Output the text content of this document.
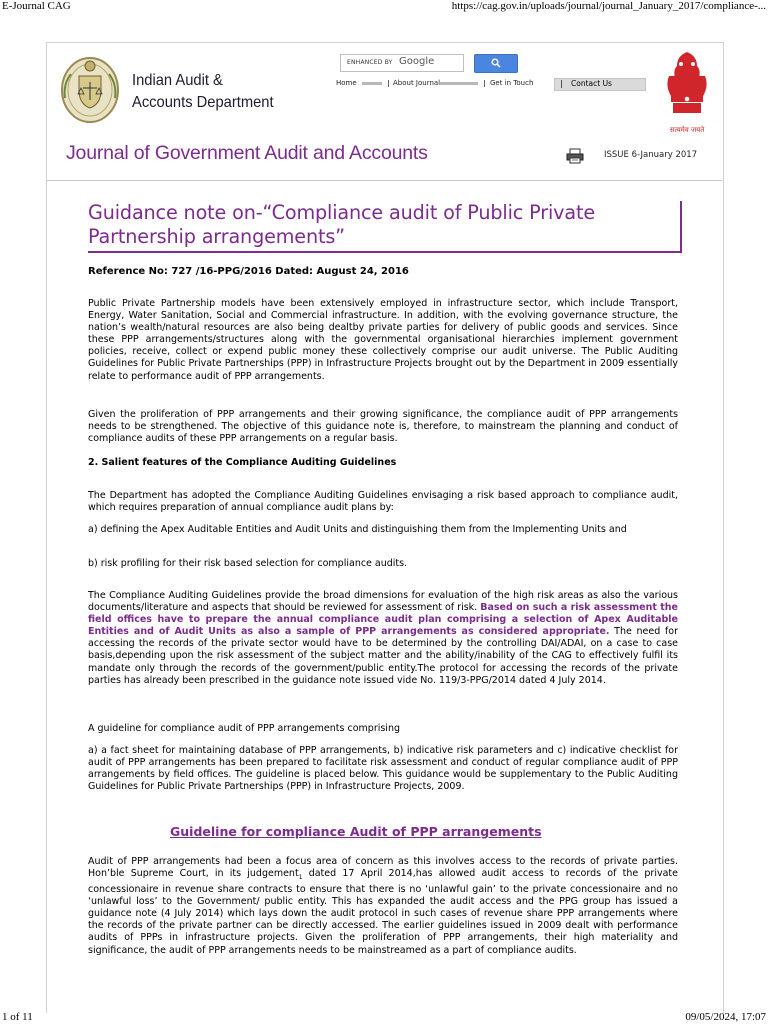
E-Journal CAG	https://cag.gov.in/uploads/journal/journal_January_2017/compliance-...
1 of 11	09/05/2024, 17:07
Indian Audit &
Accounts Department
Journal of Government Audit and Accounts
ENHANCED BY Google
Home	About Journal	Get in Touch	Contact Us
सत्यमेव जयते
ISSUE 6-January 2017
Guidance note on-“Compliance audit of Public Private
Partnership arrangements”
Reference No: 727 /16-PPG/2016 Dated: August 24, 2016
Public Private Partnership models have been extensively employed in infrastructure sector, which include Transport, Energy, Water Sanitation, Social and Commercial infrastructure. In addition, with the evolving governance structure, the nation’s wealth/natural resources are also being dealtby private parties for delivery of public goods and services. Since these PPP arrangements/structures along with the governmental organisational hierarchies implement government policies, receive, collect or expend public money these collectively comprise our audit universe. The Public Auditing Guidelines for Public Private Partnerships (PPP) in Infrastructure Projects brought out by the Department in 2009 essentially relate to performance audit of PPP arrangements.
Given the proliferation of PPP arrangements and their growing significance, the compliance audit of PPP arrangements needs to be strengthened. The objective of this guidance note is, therefore, to mainstream the planning and conduct of compliance audits of these PPP arrangements on a regular basis.
2. Salient features of the Compliance Auditing Guidelines
The Department has adopted the Compliance Auditing Guidelines envisaging a risk based approach to compliance audit, which requires preparation of annual compliance audit plans by:
a) defining the Apex Auditable Entities and Audit Units and distinguishing them from the Implementing Units and
b) risk profiling for their risk based selection for compliance audits.
The Compliance Auditing Guidelines provide the broad dimensions for evaluation of the high risk areas as also the various documents/literature and aspects that should be reviewed for assessment of risk. Based on such a risk assessment the field offices have to prepare the annual compliance audit plan comprising a selection of Apex Auditable Entities and of Audit Units as also a sample of PPP arrangements as considered appropriate. The need for accessing the records of the private sector would have to be determined by the controlling DAI/ADAI, on a case to case basis,depending upon the risk assessment of the subject matter and the ability/inability of the CAG to effectively fulfil its mandate only through the records of the government/public entity.The protocol for accessing the records of the private parties has already been prescribed in the guidance note issued vide No. 119/3-PPG/2014 dated 4 July 2014.
A guideline for compliance audit of PPP arrangements comprising
a) a fact sheet for maintaining database of PPP arrangements, b) indicative risk parameters and c) indicative checklist for audit of PPP arrangements has been prepared to facilitate risk assessment and conduct of regular compliance audit of PPP arrangements by field offices. The guideline is placed below. This guidance would be supplementary to the Public Auditing Guidelines for Public Private Partnerships (PPP) in Infrastructure Projects, 2009.
Guideline for compliance Audit of PPP arrangements
Audit of PPP arrangements had been a focus area of concern as this involves access to the records of private parties. Hon’ble Supreme Court, in its judgement$_1$ dated 17 April 2014,has allowed audit access to records of the private concessionaire in revenue share contracts to ensure that there is no ‘unlawful gain’ to the private concessionaire and no ‘unlawful loss’ to the Government/ public entity. This has expanded the audit access and the PPG group has issued a guidance note (4 July 2014) which lays down the audit protocol in such cases of revenue share PPP arrangements where the records of the private partner can be directly accessed. The earlier guidelines issued in 2009 dealt with performance audits of PPPs in infrastructure projects. Given the proliferation of PPP arrangements, their high materiality and significance, the audit of PPP arrangements needs to be mainstreamed as a part of compliance audits.
